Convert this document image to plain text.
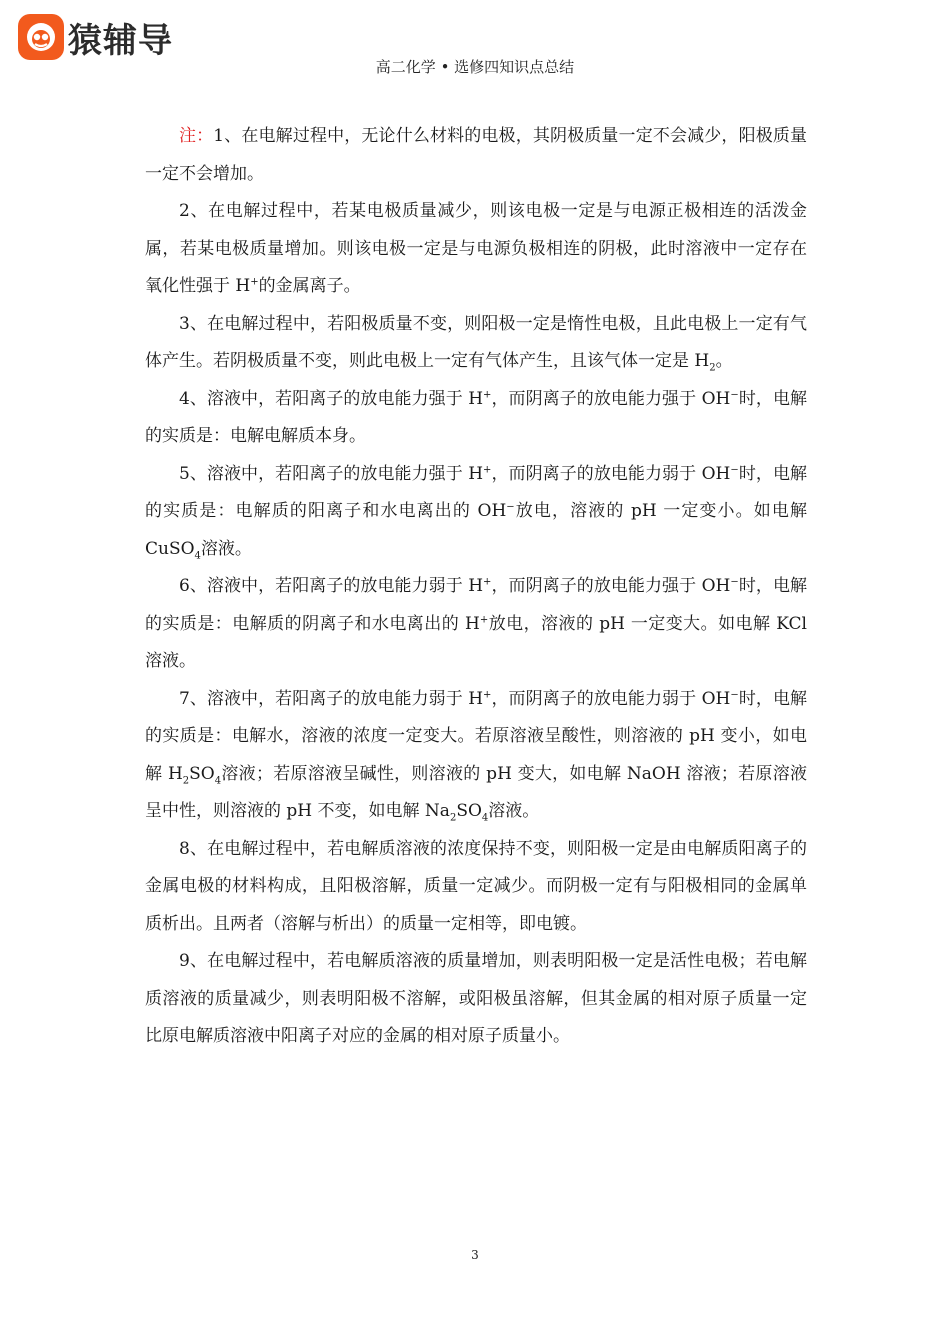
猿辅导
高二化学 • 选修四知识点总结

注：1、在电解过程中，无论什么材料的电极，其阴极质量一定不会减少，阳极质量一定不会增加。

2、在电解过程中，若某电极质量减少，则该电极一定是与电源正极相连的活泼金属，若某电极质量增加。则该电极一定是与电源负极相连的阴极，此时溶液中一定存在氧化性强于 H+的金属离子。

3、在电解过程中，若阳极质量不变，则阳极一定是惰性电极，且此电极上一定有气体产生。若阴极质量不变，则此电极上一定有气体产生，且该气体一定是 $H_2$。

4、溶液中，若阳离子的放电能力强于 H+，而阴离子的放电能力强于 OH−时，电解的实质是：电解电解质本身。

5、溶液中，若阳离子的放电能力强于 H+，而阴离子的放电能力弱于 OH−时，电解的实质是：电解质的阳离子和水电离出的 OH−放电，溶液的 pH 一定变小。如电解 CuSO$_4$溶液。

6、溶液中，若阳离子的放电能力弱于 H+，而阴离子的放电能力强于 OH−时，电解的实质是：电解质的阴离子和水电离出的 H+放电，溶液的 pH 一定变大。如电解 KCl 溶液。

7、溶液中，若阳离子的放电能力弱于 H+，而阴离子的放电能力弱于 OH−时，电解的实质是：电解水，溶液的浓度一定变大。若原溶液呈酸性，则溶液的 pH 变小，如电解 $H_2SO_4$溶液；若原溶液呈碱性，则溶液的 pH 变大，如电解 NaOH 溶液；若原溶液呈中性，则溶液的 pH 不变，如电解 $Na_2SO_4$溶液。

8、在电解过程中，若电解质溶液的浓度保持不变，则阳极一定是由电解质阳离子的金属电极的材料构成，且阳极溶解，质量一定减少。而阴极一定有与阳极相同的金属单质析出。且两者（溶解与析出）的质量一定相等，即电镀。

9、在电解过程中，若电解质溶液的质量增加，则表明阳极一定是活性电极；若电解质溶液的质量减少，则表明阳极不溶解，或阳极虽溶解，但其金属的相对原子质量一定比原电解质溶液中阳离子对应的金属的相对原子质量小。

3
